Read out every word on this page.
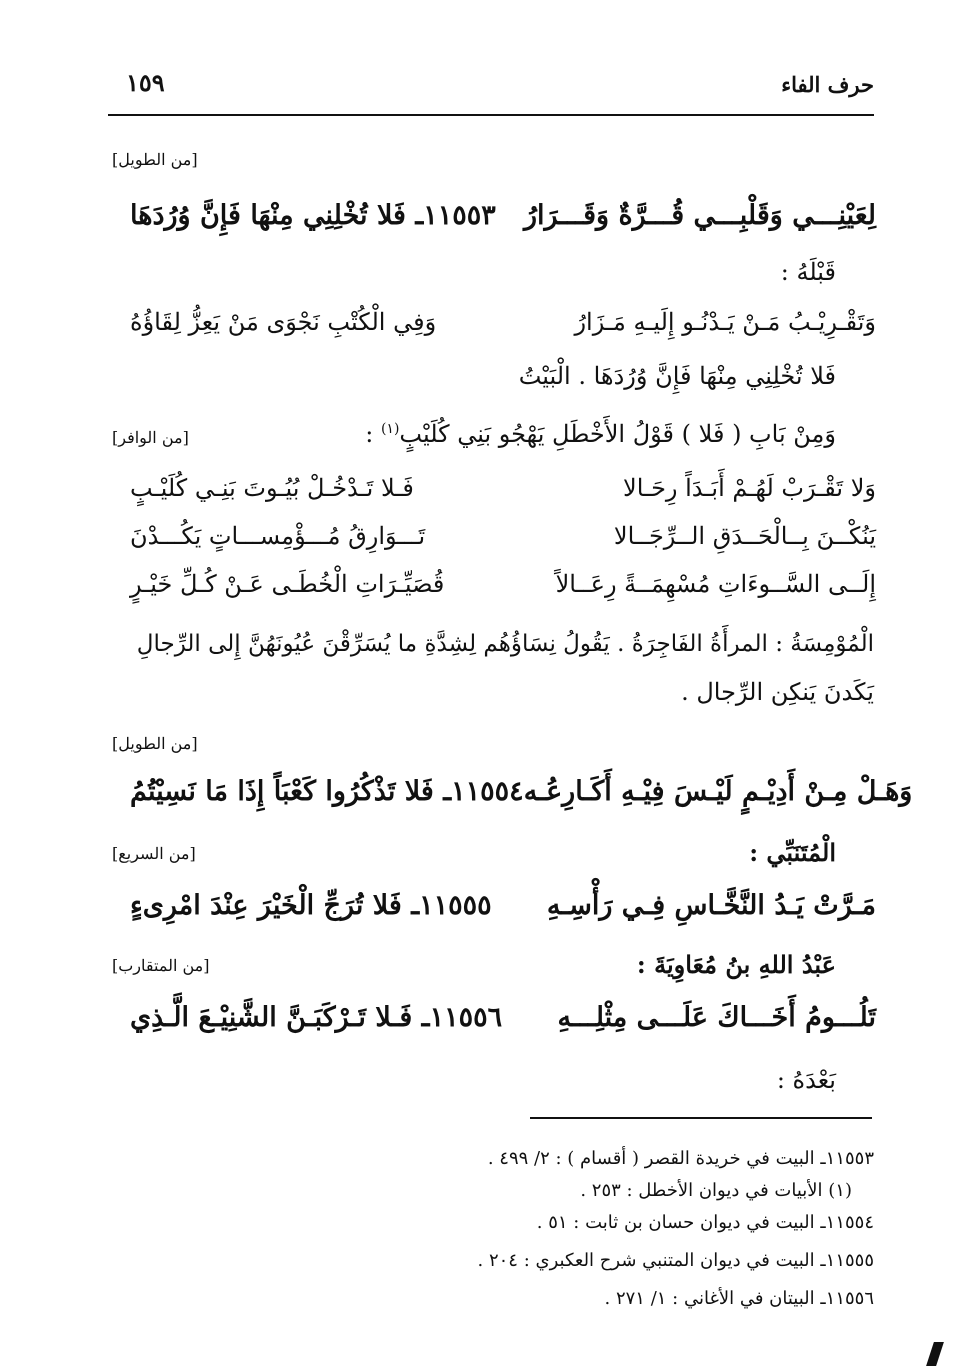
حرف الفاء
١٥٩
[من الطويل]
١١٥٥٣ـ فَلا تُخْلِنِي مِنْهَا فَإِنَّ وُرُدَهَا	لِعَيْنِـــي وَقَلْبِـــي قُـــرَّةٌ وَقَـــرَارُ
قَبْلَهُ :
وَفِي الْكُتْبِ نَجْوَى مَنْ يَعِزُّ لِقَاؤُهُ	وَتَقْـرِيْـبُ مَـنْ يَـدْنُـو إِلَيـهِ مَـزَارُ
فَلا تُخْلِنِي مِنْهَا فَإِنَّ وُرُدَهَا . الْبَيْتُ
وَمِنْ بَابِ ( فَلا ) قَوْلُ الأَخْطَلِ يَهْجُو بَنِي كُلَيْبٍ$^{(١)}$ :
[من الوافر]
فَـلا تَـدْخُـلْ بُيُـوتَ بَنِـي كُلَيْـبٍ	وَلا تَقْـرَبْ لَهُـمْ أَبَـدَاً رِحَـالا
تَـــوَارِقُ مُـــؤْمِســـاتٍ يَكُـــدْنَ	يَنُكْــنَ بِــالْحَــدَقِ الــرِّجَــالا
قُصَيِّـرَاتِ الْخُطَـى عَـنْ كُـلِّ خَيْـرٍ	إِلَــى السَّــوءَاتِ مُسْهِمَــةً رِعَــالاً
الْمُوْمِسَةُ : المرأَةُ الفَاجِرَةُ . يَقُولُ نِسَاؤُهُم لِشِدَّةِ ما يُسَرِّقْنَ عُيُونَهُنَّ إِلى الرِّجالِ
يَكَدنَ يَنكِن الرِّجال .
[من الطويل]
١١٥٥٤ـ فَلا تَذْكُرُوا كَعْبَاً إِذَا مَا نَسِيْتُمُ	وَهَـلْ مِـنْ أَدِيْـمٍ لَيْـسَ فِيْـهِ أَكَـارِعُـه
الْمُتَنَبِّي :
[من السريع]
١١٥٥٥ـ فَلا تُرَجِّ الْخَيْرَ عِنْدَ امْرِىءٍ	مَـرَّتْ يَـدُ النَّخَّـاسِ فِـي رَأْسِـهِ
عَبْدُ اللهِ بنُ مُعَاوِيَةَ :
[من المتقارب]
١١٥٥٦ـ فَـلا تَـرْكَبَـنَّ الشَّنِيْـعَ الَّـذِي	تَلُـــومُ أَخَـــاكَ عَلَـــى مِثْلِـــهِ
بَعْدَهُ :
١١٥٥٣ـ البيت في خريدة القصر ( أقسام ) : ٢/ ٤٩٩ .
(١) الأبيات في ديوان الأخطل : ٢٥٣ .
١١٥٥٤ـ البيت في ديوان حسان بن ثابت : ٥١ .
١١٥٥٥ـ البيت في ديوان المتنبي شرح العكبري : ٢٠٤ .
١١٥٥٦ـ البيتان في الأغاني : ١/ ٢٧١ .
